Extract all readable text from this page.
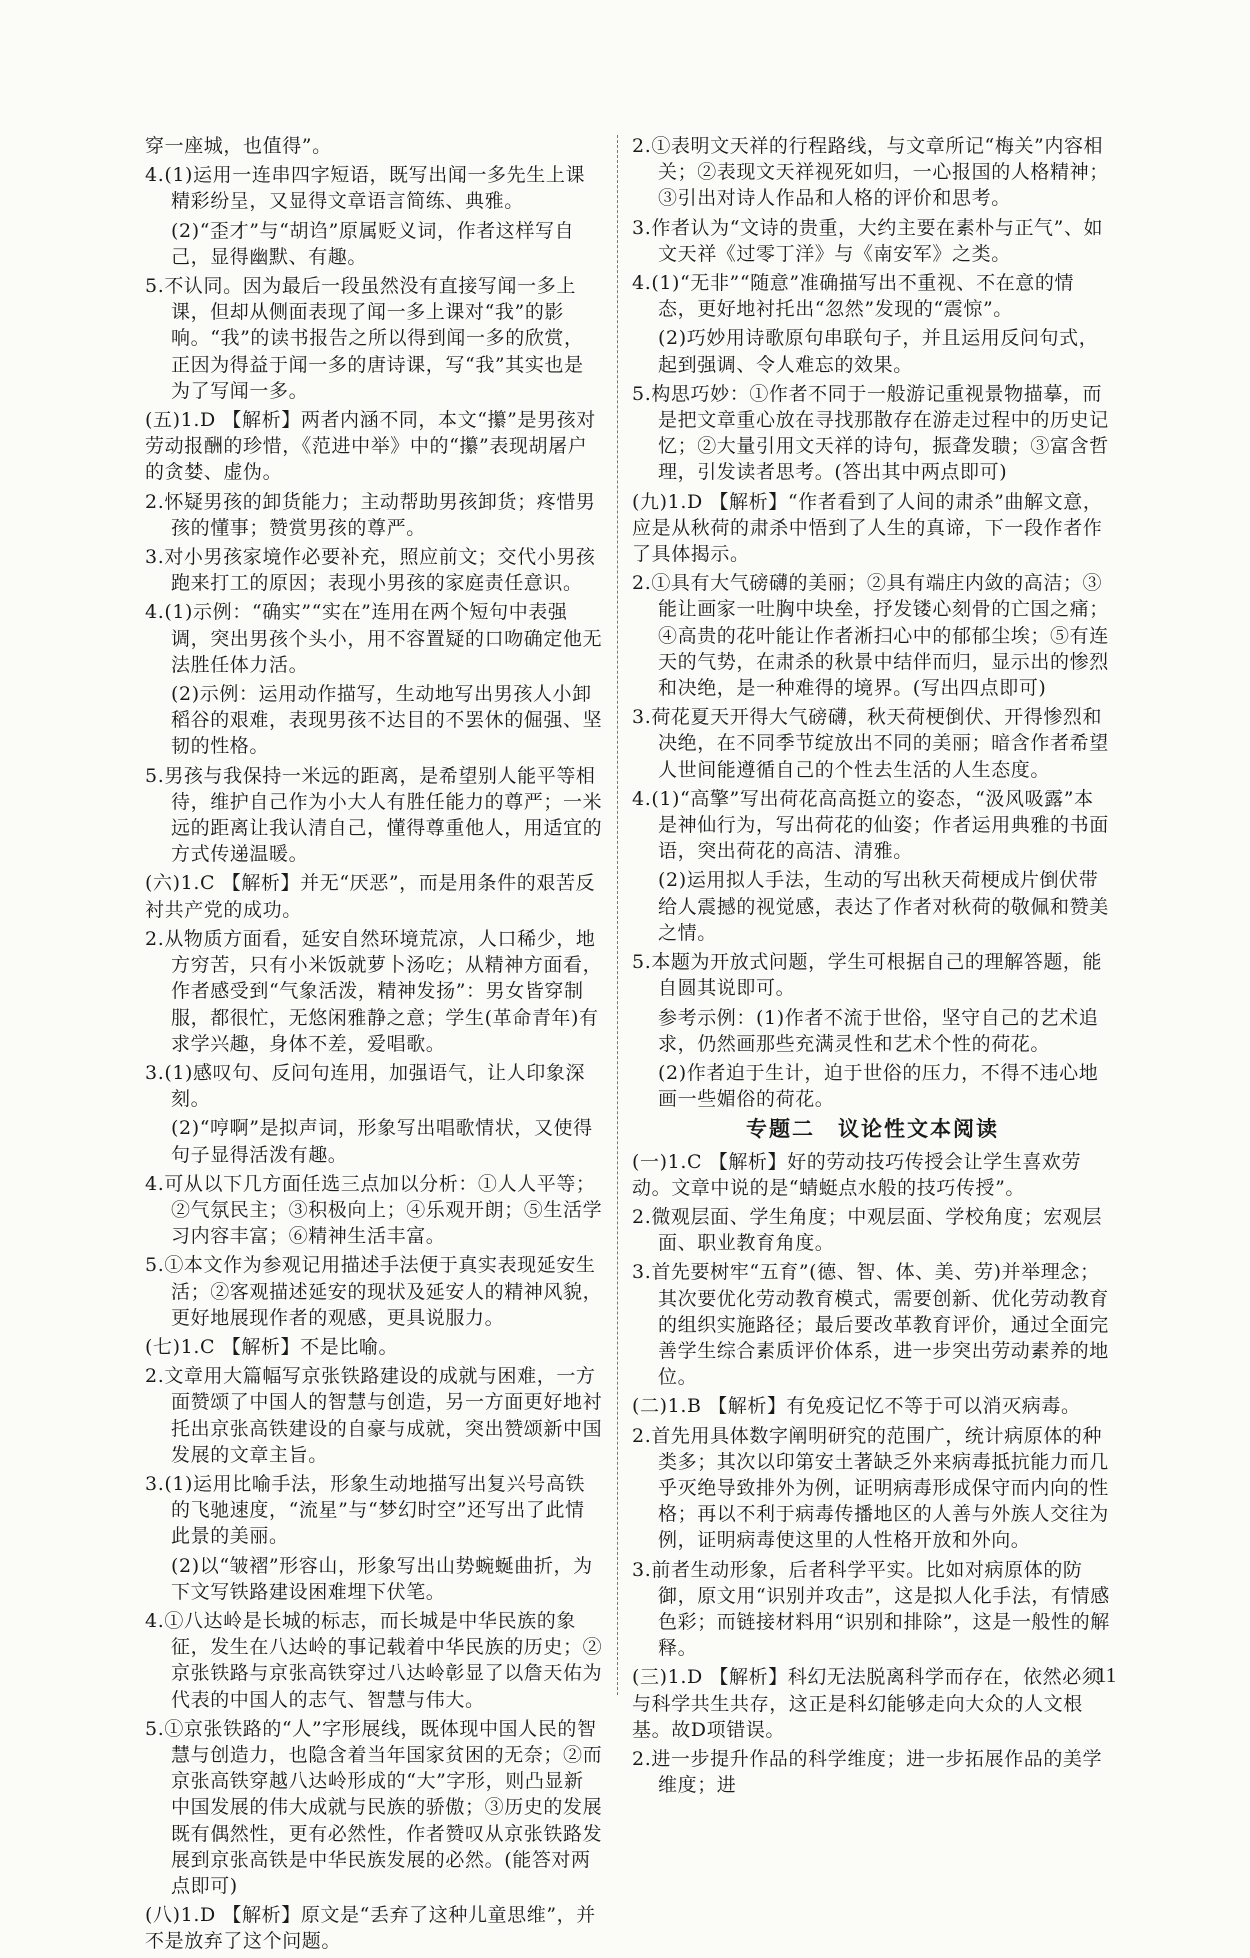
穿一座城，也值得”。
4.(1)运用一连串四字短语，既写出闻一多先生上课精彩纷呈，又显得文章语言简练、典雅。
(2)“歪才”与“胡诌”原属贬义词，作者这样写自己，显得幽默、有趣。
5.不认同。因为最后一段虽然没有直接写闻一多上课，但却从侧面表现了闻一多上课对“我”的影响。“我”的读书报告之所以得到闻一多的欣赏，正因为得益于闻一多的唐诗课，写“我”其实也是为了写闻一多。
(五)1.D 【解析】两者内涵不同，本文“攥”是男孩对劳动报酬的珍惜，《范进中举》中的“攥”表现胡屠户的贪婪、虚伪。
2.怀疑男孩的卸货能力；主动帮助男孩卸货；疼惜男孩的懂事；赞赏男孩的尊严。
3.对小男孩家境作必要补充，照应前文；交代小男孩跑来打工的原因；表现小男孩的家庭责任意识。
4.(1)示例：“确实”“实在”连用在两个短句中表强调，突出男孩个头小，用不容置疑的口吻确定他无法胜任体力活。
(2)示例：运用动作描写，生动地写出男孩人小卸稻谷的艰难，表现男孩不达目的不罢休的倔强、坚韧的性格。
5.男孩与我保持一米远的距离，是希望别人能平等相待，维护自己作为小大人有胜任能力的尊严；一米远的距离让我认清自己，懂得尊重他人，用适宜的方式传递温暖。
(六)1.C 【解析】并无“厌恶”，而是用条件的艰苦反衬共产党的成功。
2.从物质方面看，延安自然环境荒凉，人口稀少，地方穷苦，只有小米饭就萝卜汤吃；从精神方面看，作者感受到“气象活泼，精神发扬”：男女皆穿制服，都很忙，无悠闲雅静之意；学生(革命青年)有求学兴趣，身体不差，爱唱歌。
3.(1)感叹句、反问句连用，加强语气，让人印象深刻。
(2)“哼啊”是拟声词，形象写出唱歌情状，又使得句子显得活泼有趣。
4.可从以下几方面任选三点加以分析：①人人平等；②气氛民主；③积极向上；④乐观开朗；⑤生活学习内容丰富；⑥精神生活丰富。
5.①本文作为参观记用描述手法便于真实表现延安生活；②客观描述延安的现状及延安人的精神风貌，更好地展现作者的观感，更具说服力。
(七)1.C 【解析】不是比喻。
2.文章用大篇幅写京张铁路建设的成就与困难，一方面赞颂了中国人的智慧与创造，另一方面更好地衬托出京张高铁建设的自豪与成就，突出赞颂新中国发展的文章主旨。
3.(1)运用比喻手法，形象生动地描写出复兴号高铁的飞驰速度，“流星”与“梦幻时空”还写出了此情此景的美丽。
(2)以“皱褶”形容山，形象写出山势蜿蜒曲折，为下文写铁路建设困难埋下伏笔。
4.①八达岭是长城的标志，而长城是中华民族的象征，发生在八达岭的事记载着中华民族的历史；②京张铁路与京张高铁穿过八达岭彰显了以詹天佑为代表的中国人的志气、智慧与伟大。
5.①京张铁路的“人”字形展线，既体现中国人民的智慧与创造力，也隐含着当年国家贫困的无奈；②而京张高铁穿越八达岭形成的“大”字形，则凸显新中国发展的伟大成就与民族的骄傲；③历史的发展既有偶然性，更有必然性，作者赞叹从京张铁路发展到京张高铁是中华民族发展的必然。(能答对两点即可)
(八)1.D 【解析】原文是“丢弃了这种儿童思维”，并不是放弃了这个问题。
2.①表明文天祥的行程路线，与文章所记“梅关”内容相关；②表现文天祥视死如归，一心报国的人格精神；③引出对诗人作品和人格的评价和思考。
3.作者认为“文诗的贵重，大约主要在素朴与正气”、如文天祥《过零丁洋》与《南安军》之类。
4.(1)“无非”“随意”准确描写出不重视、不在意的情态，更好地衬托出“忽然”发现的“震惊”。
(2)巧妙用诗歌原句串联句子，并且运用反问句式，起到强调、令人难忘的效果。
5.构思巧妙：①作者不同于一般游记重视景物描摹，而是把文章重心放在寻找那散存在游走过程中的历史记忆；②大量引用文天祥的诗句，振聋发聩；③富含哲理，引发读者思考。(答出其中两点即可)
(九)1.D 【解析】“作者看到了人间的肃杀”曲解文意，应是从秋荷的肃杀中悟到了人生的真谛，下一段作者作了具体揭示。
2.①具有大气磅礴的美丽；②具有端庄内敛的高洁；③能让画家一吐胸中块垒，抒发镂心刻骨的亡国之痛；④高贵的花叶能让作者淅扫心中的郁郁尘埃；⑤有连天的气势，在肃杀的秋景中结伴而归，显示出的惨烈和决绝，是一种难得的境界。(写出四点即可)
3.荷花夏天开得大气磅礴，秋天荷梗倒伏、开得惨烈和决绝，在不同季节绽放出不同的美丽；暗含作者希望人世间能遵循自己的个性去生活的人生态度。
4.(1)“高擎”写出荷花高高挺立的姿态，“汲风吸露”本是神仙行为，写出荷花的仙姿；作者运用典雅的书面语，突出荷花的高洁、清雅。
(2)运用拟人手法，生动的写出秋天荷梗成片倒伏带给人震撼的视觉感，表达了作者对秋荷的敬佩和赞美之情。
5.本题为开放式问题，学生可根据自己的理解答题，能自圆其说即可。
参考示例：(1)作者不流于世俗，坚守自己的艺术追求，仍然画那些充满灵性和艺术个性的荷花。
(2)作者迫于生计，迫于世俗的压力，不得不违心地画一些媚俗的荷花。
专题二　议论性文本阅读
(一)1.C 【解析】好的劳动技巧传授会让学生喜欢劳动。文章中说的是“蜻蜓点水般的技巧传授”。
2.微观层面、学生角度；中观层面、学校角度；宏观层面、职业教育角度。
3.首先要树牢“五育”(德、智、体、美、劳)并举理念；其次要优化劳动教育模式，需要创新、优化劳动教育的组织实施路径；最后要改革教育评价，通过全面完善学生综合素质评价体系，进一步突出劳动素养的地位。
(二)1.B 【解析】有免疫记忆不等于可以消灭病毒。
2.首先用具体数字阐明研究的范围广，统计病原体的种类多；其次以印第安土著缺乏外来病毒抵抗能力而几乎灭绝导致排外为例，证明病毒形成保守而内向的性格；再以不利于病毒传播地区的人善与外族人交往为例，证明病毒使这里的人性格开放和外向。
3.前者生动形象，后者科学平实。比如对病原体的防御，原文用“识别并攻击”，这是拟人化手法，有情感色彩；而链接材料用“识别和排除”，这是一般性的解释。
(三)1.D 【解析】科幻无法脱离科学而存在，依然必须与科学共生共存，这正是科幻能够走向大众的人文根基。故D项错误。
2.进一步提升作品的科学维度；进一步拓展作品的美学维度；进
11
